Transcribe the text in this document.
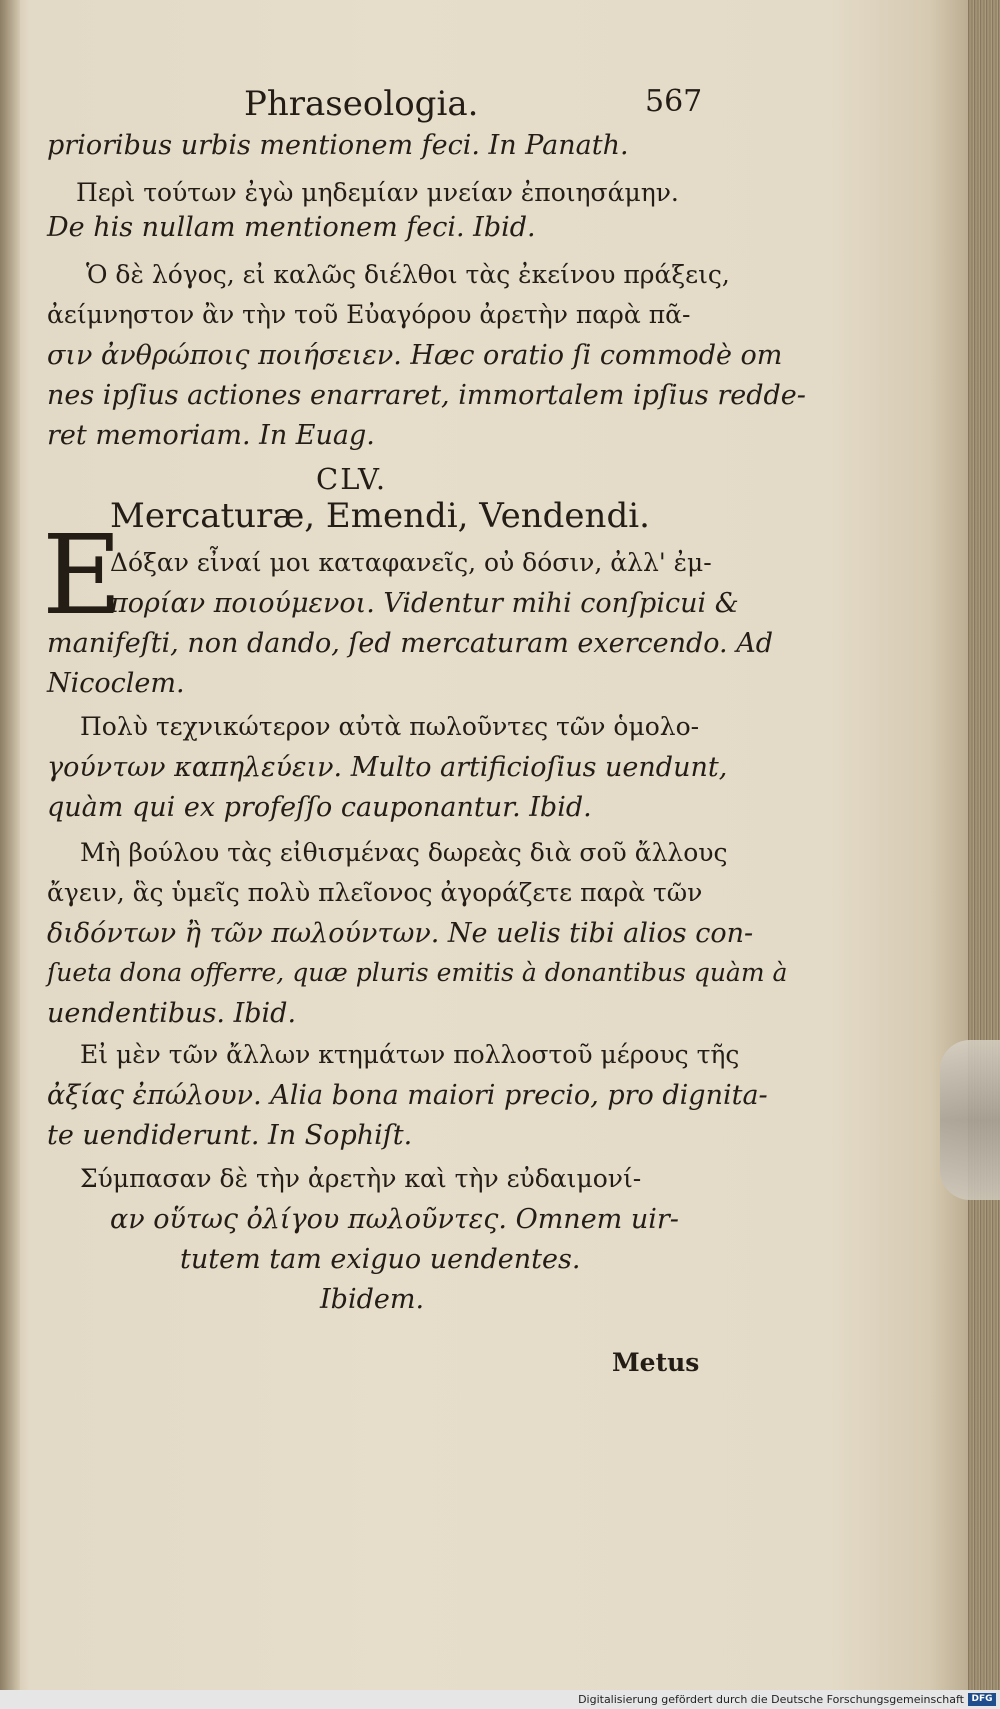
Phraseologia.	567
prioribus urbis mentionem feci. In Panath.
Περὶ τούτων ἐγὼ μηδεμίαν μνείαν ἐποιησάμην.
De his nullam mentionem feci. Ibid.
Ὁ δὲ λόγος, εἰ καλῶς διέλθοι τὰς ἐκείνου πράξεις,
ἀείμνηστον ἂν τὴν τοῦ Εὐαγόρου ἀρετὴν παρὰ πᾶ-
σιν ἀνθρώποις ποιήσειεν. Hæc oratio ſi commodè om
nes ipſius actiones enarraret, immortalem ipſius redde-
ret memoriam. In Euag.
CLV.
Mercaturæ, Emendi, Vendendi.
E
Δόξαν εἶναί μοι καταφανεῖς, οὐ δόσιν, ἀλλ' ἐμ-
πορίαν ποιούμενοι. Videntur mihi conſpicui &
manifeſti, non dando, ſed mercaturam exercendo. Ad
Nicoclem.
Πολὺ τεχνικώτερον αὐτὰ πωλοῦντες τῶν ὁμολο-
γούντων καπηλεύειν. Multo artificioſius uendunt,
quàm qui ex profeſſo cauponantur. Ibid.
Μὴ βούλου τὰς εἰθισμένας δωρεὰς διὰ σοῦ ἄλλους
ἄγειν, ἃς ὑμεῖς πολὺ πλεῖονος ἀγοράζετε παρὰ τῶν
διδόντων ἢ τῶν πωλούντων. Ne uelis tibi alios con-
ſueta dona offerre, quæ pluris emitis à donantibus quàm à
uendentibus. Ibid.
Εἰ μὲν τῶν ἄλλων κτημάτων πολλοστοῦ μέρους τῆς
ἀξίας ἐπώλουν. Alia bona maiori precio, pro dignita-
te uendiderunt. In Sophiſt.
Σύμπασαν δὲ τὴν ἀρετὴν καὶ τὴν εὐδαιμονί-
αν οὕτως ὀλίγου πωλοῦντες. Omnem uir-
tutem tam exiguo uendentes.
Ibidem.
Metus
Digitalisierung gefördert durch die Deutsche Forschungsgemeinschaft DFG
